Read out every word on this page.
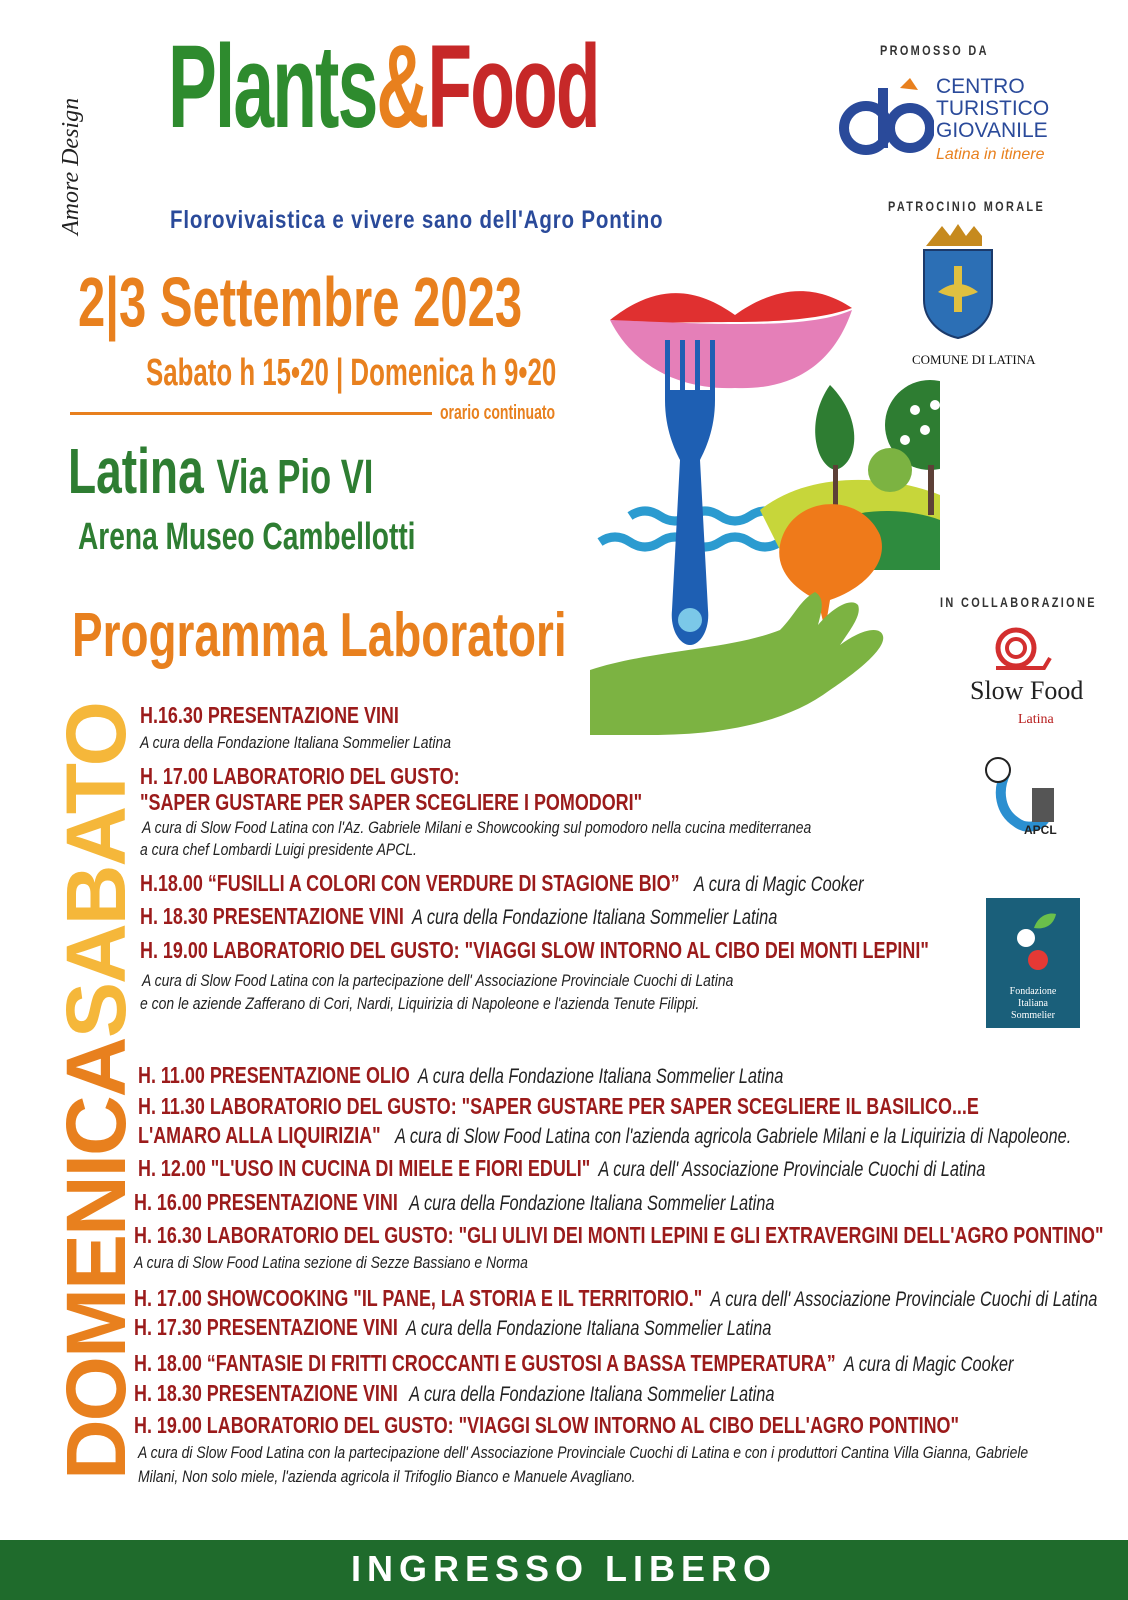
Amore Design
Plants&Food
Florovivaistica e vivere sano dell'Agro Pontino
2|3 Settembre 2023
Sabato h 15•20 | Domenica h 9•20
orario continuato
Latina Via Pio VI
Arena Museo Cambellotti
Programma Laboratori
PROMOSSO DA
CENTRO
TURISTICO
GIOVANILE
Latina in itinere
PATROCINIO MORALE
COMUNE DI LATINA
IN COLLABORAZIONE
Slow Food
Latina
APCL
Fondazione
Italiana
Sommelier
SABATO
DOMENICA
H.16.30 PRESENTAZIONE VINI
A cura della Fondazione Italiana Sommelier Latina
H. 17.00 LABORATORIO DEL GUSTO:
"SAPER GUSTARE PER SAPER SCEGLIERE I POMODORI"
A cura di Slow Food Latina con l'Az. Gabriele Milani e Showcooking sul pomodoro nella cucina mediterranea
a cura chef Lombardi Luigi presidente APCL.
H.18.00 “FUSILLI A COLORI CON VERDURE DI STAGIONE BIO” A cura di Magic Cooker
H. 18.30 PRESENTAZIONE VINI A cura della Fondazione Italiana Sommelier Latina
H. 19.00 LABORATORIO DEL GUSTO: "VIAGGI SLOW INTORNO AL CIBO DEI MONTI LEPINI"
A cura di Slow Food Latina con la partecipazione dell' Associazione Provinciale Cuochi di Latina
e con le aziende Zafferano di Cori, Nardi, Liquirizia di Napoleone e l'azienda Tenute Filippi.
H. 11.00 PRESENTAZIONE OLIO A cura della Fondazione Italiana Sommelier Latina
H. 11.30 LABORATORIO DEL GUSTO: "SAPER GUSTARE PER SAPER SCEGLIERE IL BASILICO...E
L'AMARO ALLA LIQUIRIZIA" A cura di Slow Food Latina con l'azienda agricola Gabriele Milani e la Liquirizia di Napoleone.
H. 12.00 "L'USO IN CUCINA DI MIELE E FIORI EDULI" A cura dell' Associazione Provinciale Cuochi di Latina
H. 16.00 PRESENTAZIONE VINI A cura della Fondazione Italiana Sommelier Latina
H. 16.30 LABORATORIO DEL GUSTO: "GLI ULIVI DEI MONTI LEPINI E GLI EXTRAVERGINI DELL'AGRO PONTINO"
A cura di Slow Food Latina sezione di Sezze Bassiano e Norma
H. 17.00 SHOWCOOKING "IL PANE, LA STORIA E IL TERRITORIO." A cura dell' Associazione Provinciale Cuochi di Latina
H. 17.30 PRESENTAZIONE VINI A cura della Fondazione Italiana Sommelier Latina
H. 18.00 “FANTASIE DI FRITTI CROCCANTI E GUSTOSI A BASSA TEMPERATURA” A cura di Magic Cooker
H. 18.30 PRESENTAZIONE VINI A cura della Fondazione Italiana Sommelier Latina
H. 19.00 LABORATORIO DEL GUSTO: "VIAGGI SLOW INTORNO AL CIBO DELL'AGRO PONTINO"
A cura di Slow Food Latina con la partecipazione dell' Associazione Provinciale Cuochi di Latina e con i produttori Cantina Villa Gianna, Gabriele
Milani, Non solo miele, l'azienda agricola il Trifoglio Bianco e Manuele Avagliano.
INGRESSO LIBERO
